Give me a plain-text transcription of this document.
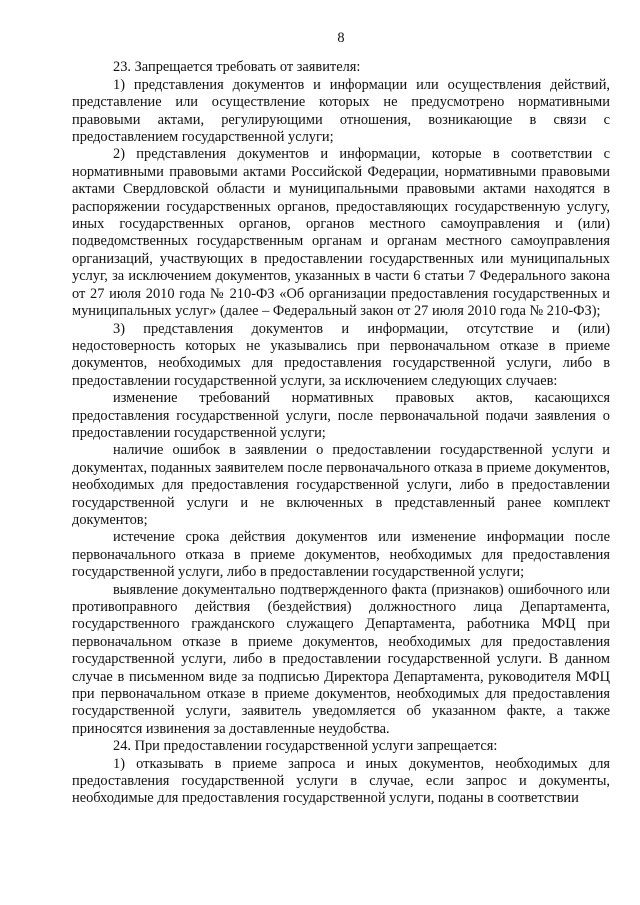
8

23. Запрещается требовать от заявителя:

1) представления документов и информации или осуществления действий, представление или осуществление которых не предусмотрено нормативными правовыми актами, регулирующими отношения, возникающие в связи с предоставлением государственной услуги;

2) представления документов и информации, которые в соответствии с нормативными правовыми актами Российской Федерации, нормативными правовыми актами Свердловской области и муниципальными правовыми актами находятся в распоряжении государственных органов, предоставляющих государственную услугу, иных государственных органов, органов местного самоуправления и (или) подведомственных государственным органам и органам местного самоуправления организаций, участвующих в предоставлении государственных или муниципальных услуг, за исключением документов, указанных в части 6 статьи 7 Федерального закона от 27 июля 2010 года № 210-ФЗ «Об организации предоставления государственных и муниципальных услуг» (далее – Федеральный закон от 27 июля 2010 года № 210-ФЗ);

3) представления документов и информации, отсутствие и (или) недостоверность которых не указывались при первоначальном отказе в приеме документов, необходимых для предоставления государственной услуги, либо в предоставлении государственной услуги, за исключением следующих случаев:

изменение требований нормативных правовых актов, касающихся предоставления государственной услуги, после первоначальной подачи заявления о предоставлении государственной услуги;

наличие ошибок в заявлении о предоставлении государственной услуги и документах, поданных заявителем после первоначального отказа в приеме документов, необходимых для предоставления государственной услуги, либо в предоставлении государственной услуги и не включенных в представленный ранее комплект документов;

истечение срока действия документов или изменение информации после первоначального отказа в приеме документов, необходимых для предоставления государственной услуги, либо в предоставлении государственной услуги;

выявление документально подтвержденного факта (признаков) ошибочного или противоправного действия (бездействия) должностного лица Департамента, государственного гражданского служащего Департамента, работника МФЦ при первоначальном отказе в приеме документов, необходимых для предоставления государственной услуги, либо в предоставлении государственной услуги. В данном случае в письменном виде за подписью Директора Департамента, руководителя МФЦ при первоначальном отказе в приеме документов, необходимых для предоставления государственной услуги, заявитель уведомляется об указанном факте, а также приносятся извинения за доставленные неудобства.

24. При предоставлении государственной услуги запрещается:

1) отказывать в приеме запроса и иных документов, необходимых для предоставления государственной услуги в случае, если запрос и документы, необходимые для предоставления государственной услуги, поданы в соответствии
